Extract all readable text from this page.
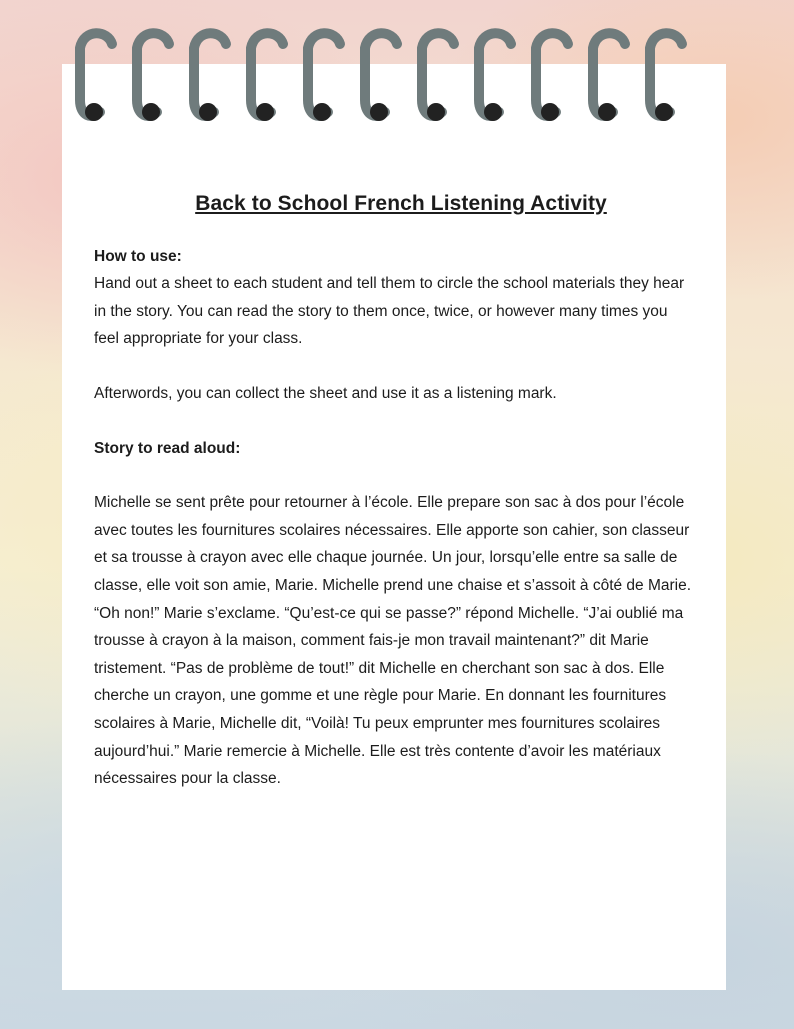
Back to School French Listening Activity

How to use:

Hand out a sheet to each student and tell them to circle the school materials they hear in the story. You can read the story to them once, twice, or however many times you feel appropriate for your class.

Afterwords, you can collect the sheet and use it as a listening mark.

Story to read aloud:

Michelle se sent prête pour retourner à l’école. Elle prepare son sac à dos pour l’école avec toutes les fournitures scolaires nécessaires. Elle apporte son cahier, son classeur et sa trousse à crayon avec elle chaque journée. Un jour, lorsqu’elle entre sa salle de classe, elle voit son amie, Marie. Michelle prend une chaise et s’assoit à côté de Marie. “Oh non!” Marie s’exclame. “Qu’est-ce qui se passe?” répond Michelle. “J’ai oublié ma trousse à crayon à la maison, comment fais-je mon travail maintenant?” dit Marie tristement. “Pas de problème de tout!” dit Michelle en cherchant son sac à dos. Elle cherche un crayon, une gomme et une règle pour Marie. En donnant les fournitures scolaires à Marie, Michelle dit, “Voilà! Tu peux emprunter mes fournitures scolaires aujourd’hui.” Marie remercie à Michelle. Elle est très contente d’avoir les matériaux nécessaires pour la classe.
